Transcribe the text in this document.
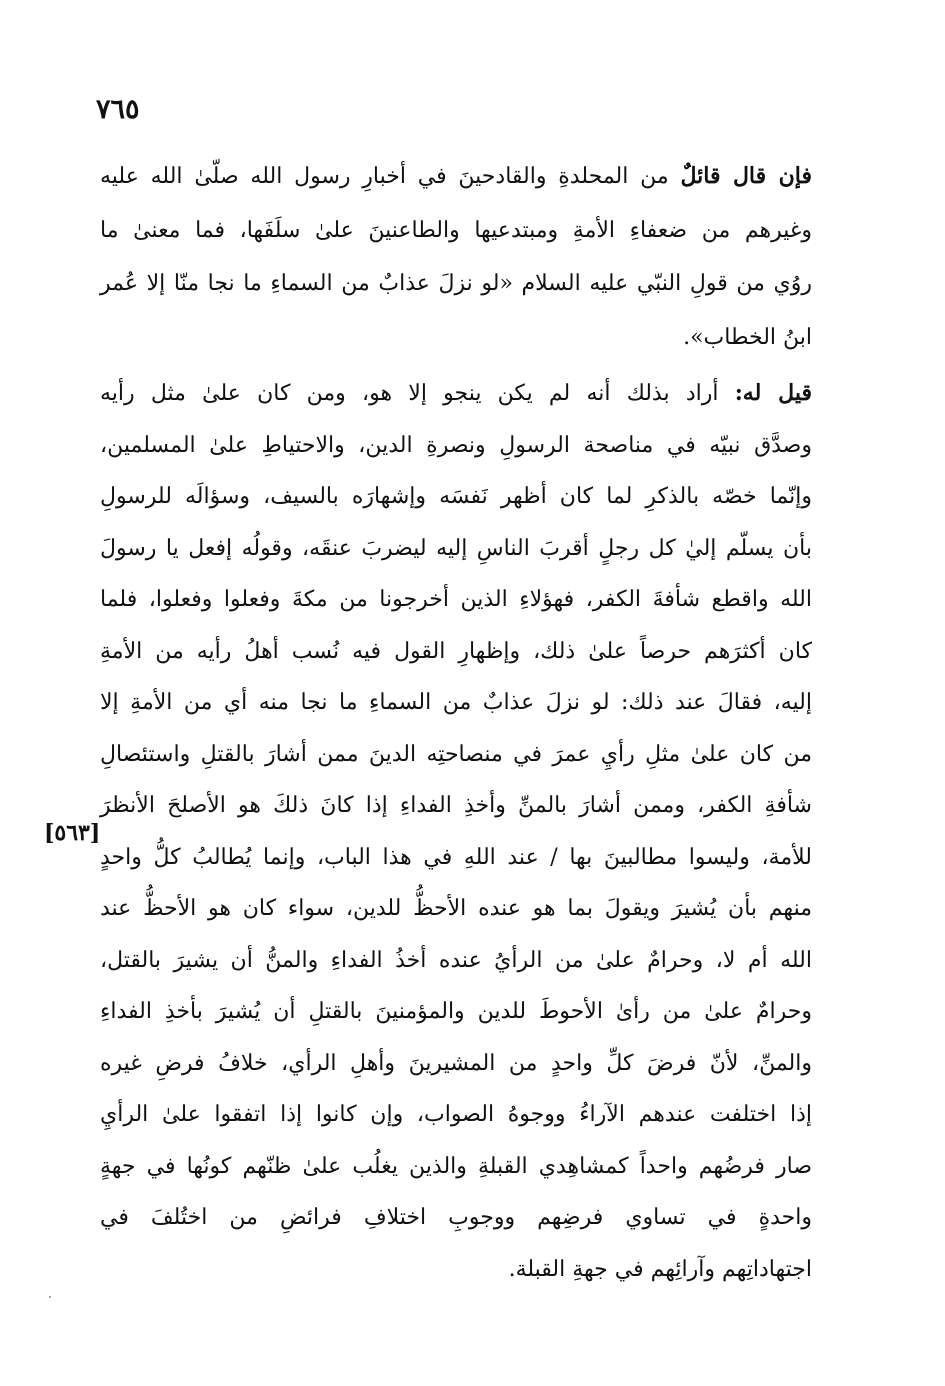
٧٦٥
فإن قال قائلٌ من المحلدةِ والقادحينَ في أخبارِ رسول الله صلّىٰ الله عليه
وغيرهم من ضعفاءِ الأمةِ ومبتدعيها والطاعنينَ علىٰ سلَفَها، فما معنىٰ ما
روُي من قولِ النبّي عليه السلام «لو نزلَ عذابٌ من السماءِ ما نجا منّا إلا عُمر
ابنُ الخطاب».
قيل له: أراد بذلك أنه لم يكن ينجو إلا هو، ومن كان علىٰ مثل رأيه
وصدَّق نبيّه في مناصحة الرسولِ ونصرةِ الدين، والاحتياطِ علىٰ المسلمين،
وإنّما خصّه بالذكرِ لما كان أظهر نَفسَه وإشهارَه بالسيف، وسؤالَه للرسولِ
بأن يسلّم إليٰ كل رجلٍ أقربَ الناسِ إليه ليضربَ عنقَه، وقولُه إفعل يا رسولَ
الله واقطع شأفةَ الكفر، فهؤلاءِ الذين أخرجونا من مكةَ وفعلوا وفعلوا، فلما
كان أكثرَهم حرصاً علىٰ ذلك، وإظهارِ القول فيه نُسب أهلُ رأيه من الأمةِ
إليه، فقالَ عند ذلك: لو نزلَ عذابٌ من السماءِ ما نجا منه أي من الأمةِ إلا
من كان علىٰ مثلِ رأيِ عمرَ في منصاحتِه الدينَ ممن أشارَ بالقتلِ واستئصالِ
شأفةِ الكفر، وممن أشارَ بالمنِّ وأخذِ الفداءِ إذا كانَ ذلكَ هو الأصلحَ الأنظرَ
للأمة، وليسوا مطالبينَ بها / عند اللهِ في هذا الباب، وإنما يُطالبُ كلُّ واحدٍ
منهم بأن يُشيرَ ويقولَ بما هو عنده الأحظُّ للدين، سواء كان هو الأحظُّ عند
الله أم لا، وحرامٌ علىٰ من الرأيُ عنده أخذُ الفداءِ والمنُّ أن يشيرَ بالقتل،
وحرامٌ علىٰ من رأىٰ الأحوطَ للدين والمؤمنينَ بالقتلِ أن يُشيرَ بأخذِ الفداءِ
والمنِّ، لأنّ فرضَ كلِّ واحدٍ من المشيرينَ وأهلِ الرأي، خلافُ فرضِ غيره
إذا اختلفت عندهم الآراءُ ووجوهُ الصواب، وإن كانوا إذا اتفقوا علىٰ الرأيِ
صار فرضُهم واحداً كمشاهِدي القبلةِ والذين يغلُب علىٰ ظنّهم كونُها في جهةٍ
واحدةٍ في تساوي فرضِهم ووجوبِ اختلافِ فرائضِ من اختُلفَ في
اجتهاداتِهم وآرائِهم في جهةِ القبلة.
[٥٦٣]
